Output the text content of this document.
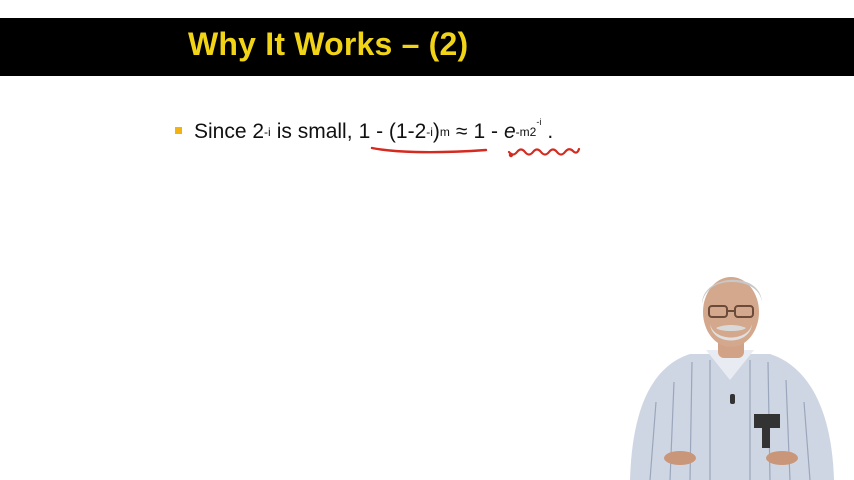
Why It Works – (2)
Since $2^{-i}$ is small, $1 - (1-2^{-i}$ )$^m$ ≈ 1 - e $^{-m2^{-i}}$ .
